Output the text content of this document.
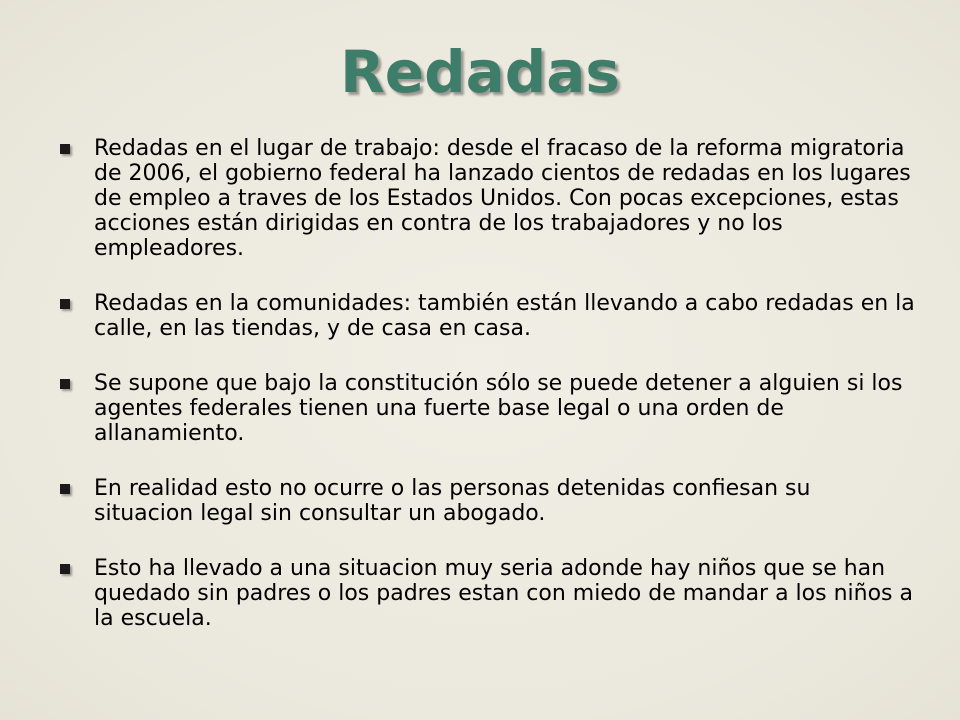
Redadas
Redadas en el lugar de trabajo: desde el fracaso de la reforma migratoria de 2006, el gobierno federal ha lanzado cientos de redadas en los lugares de empleo a traves de los Estados Unidos. Con pocas excepciones, estas acciones están dirigidas en contra de los trabajadores y no los empleadores.
Redadas en la comunidades: también están llevando a cabo redadas en la calle, en las tiendas, y de casa en casa.
Se supone que bajo la constitución sólo se puede detener a alguien si los agentes federales tienen una fuerte base legal o una orden de allanamiento.
En realidad esto no ocurre o las personas detenidas confiesan su situacion legal sin consultar un abogado.
Esto ha llevado a una situacion muy seria adonde hay niños que se han quedado sin padres o los padres estan con miedo de mandar a los niños a la escuela.
